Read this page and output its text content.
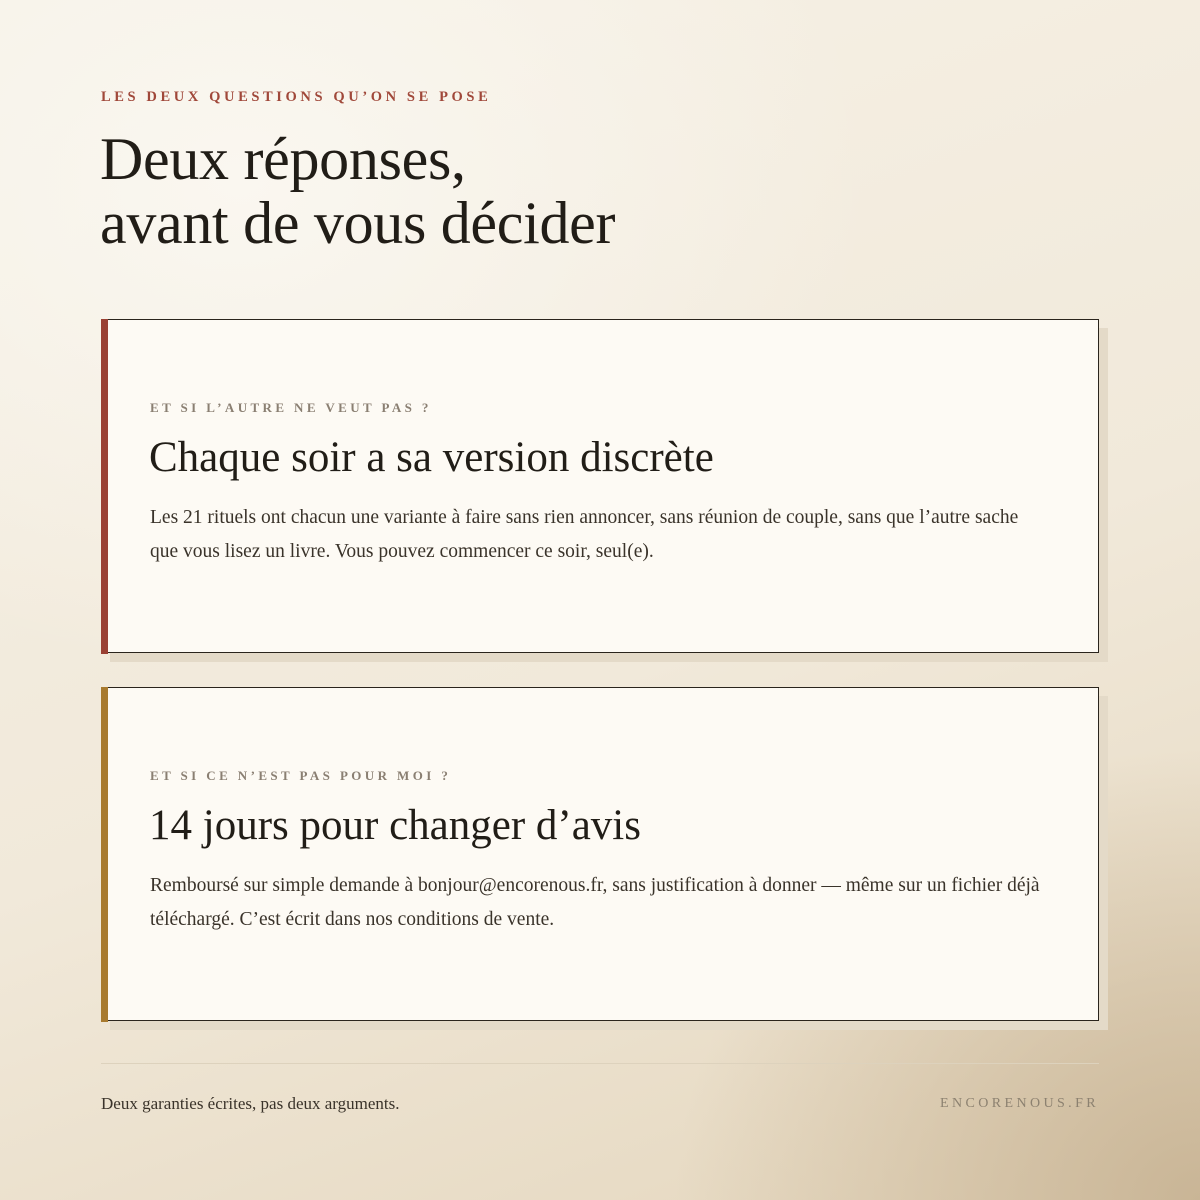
LES DEUX QUESTIONS QU’ON SE POSE
Deux réponses,
avant de vous décider
ET SI L’AUTRE NE VEUT PAS ?
Chaque soir a sa version discrète

Les 21 rituels ont chacun une variante à faire sans rien annoncer, sans réunion de couple, sans que l’autre sache que vous lisez un livre. Vous pouvez commencer ce soir, seul(e).

ET SI CE N’EST PAS POUR MOI ?
14 jours pour changer d’avis

Remboursé sur simple demande à bonjour@encorenous.fr, sans justification à donner — même sur un fichier déjà téléchargé. C’est écrit dans nos conditions de vente.

Deux garanties écrites, pas deux arguments.	ENCORENOUS.FR
